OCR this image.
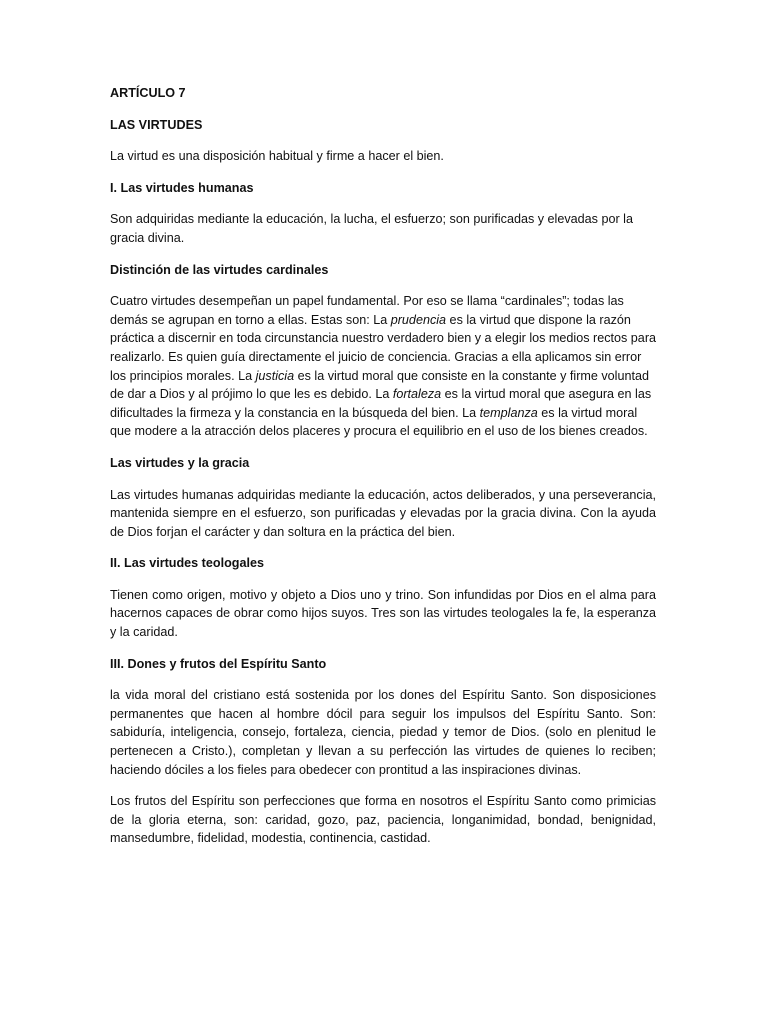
ARTÍCULO 7

LAS VIRTUDES

La virtud es una disposición habitual y firme a hacer el bien.

I. Las virtudes humanas

Son adquiridas mediante la educación, la lucha, el esfuerzo; son purificadas y elevadas por la gracia divina.

Distinción de las virtudes cardinales

Cuatro virtudes desempeñan un papel fundamental. Por eso se llama “cardinales”; todas las demás se agrupan en torno a ellas. Estas son: La prudencia es la virtud que dispone la razón práctica a discernir en toda circunstancia nuestro verdadero bien y a elegir los medios rectos para realizarlo. Es quien guía directamente el juicio de conciencia. Gracias a ella aplicamos sin error los principios morales. La justicia es la virtud moral que consiste en la constante y firme voluntad de dar a Dios y al prójimo lo que les es debido. La fortaleza es la virtud moral que asegura en las dificultades la firmeza y la constancia en la búsqueda del bien. La templanza es la virtud moral que modere a la atracción delos placeres y procura el equilibrio en el uso de los bienes creados.

Las virtudes y la gracia

Las virtudes humanas adquiridas mediante la educación, actos deliberados, y una perseverancia, mantenida siempre en el esfuerzo, son purificadas y elevadas por la gracia divina. Con la ayuda de Dios forjan el carácter y dan soltura en la práctica del bien.

II. Las virtudes teologales

Tienen como origen, motivo y objeto a Dios uno y trino. Son infundidas por Dios en el alma para hacernos capaces de obrar como hijos suyos. Tres son las virtudes teologales la fe, la esperanza y la caridad.

III. Dones y frutos del Espíritu Santo

la vida moral del cristiano está sostenida por los dones del Espíritu Santo. Son disposiciones permanentes que hacen al hombre dócil para seguir los impulsos del Espíritu Santo. Son: sabiduría, inteligencia, consejo, fortaleza, ciencia, piedad y temor de Dios. (solo en plenitud le pertenecen a Cristo.), completan y llevan a su perfección las virtudes de quienes lo reciben; haciendo dóciles a los fieles para obedecer con prontitud a las inspiraciones divinas.

Los frutos del Espíritu son perfecciones que forma en nosotros el Espíritu Santo como primicias de la gloria eterna, son: caridad, gozo, paz, paciencia, longanimidad, bondad, benignidad, mansedumbre, fidelidad, modestia, continencia, castidad.
